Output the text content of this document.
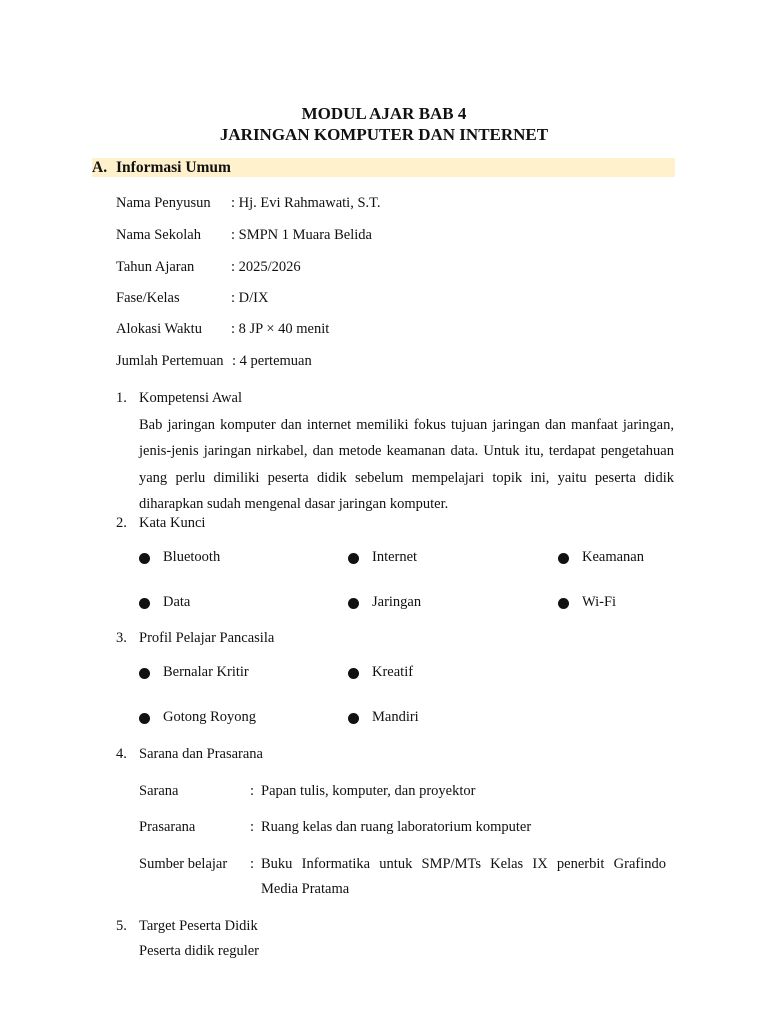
MODUL AJAR BAB 4
JARINGAN KOMPUTER DAN INTERNET
A. Informasi Umum
Nama Penyusun : Hj. Evi Rahmawati, S.T.
Nama Sekolah : SMPN 1 Muara Belida
Tahun Ajaran	: 2025/2026
Fase/Kelas	: D/IX
Alokasi Waktu : 8 JP × 40 menit
Jumlah Pertemuan : 4 pertemuan
1. Kompetensi Awal
Bab jaringan komputer dan internet memiliki fokus tujuan jaringan dan manfaat jaringan, jenis-jenis jaringan nirkabel, dan metode keamanan data. Untuk itu, terdapat pengetahuan yang perlu dimiliki peserta didik sebelum mempelajari topik ini, yaitu peserta didik diharapkan sudah mengenal dasar jaringan komputer.
2. Kata Kunci
Bluetooth	Internet	Keamanan
Data	Jaringan	Wi-Fi
3. Profil Pelajar Pancasila
Bernalar Kritir	Kreatif
Gotong Royong	Mandiri
4. Sarana dan Prasarana
Sarana	: Papan tulis, komputer, dan proyektor
Prasarana	: Ruang kelas dan ruang laboratorium komputer
Sumber belajar : Buku Informatika untuk SMP/MTs Kelas IX penerbit Grafindo Media Pratama
5. Target Peserta Didik
Peserta didik reguler
